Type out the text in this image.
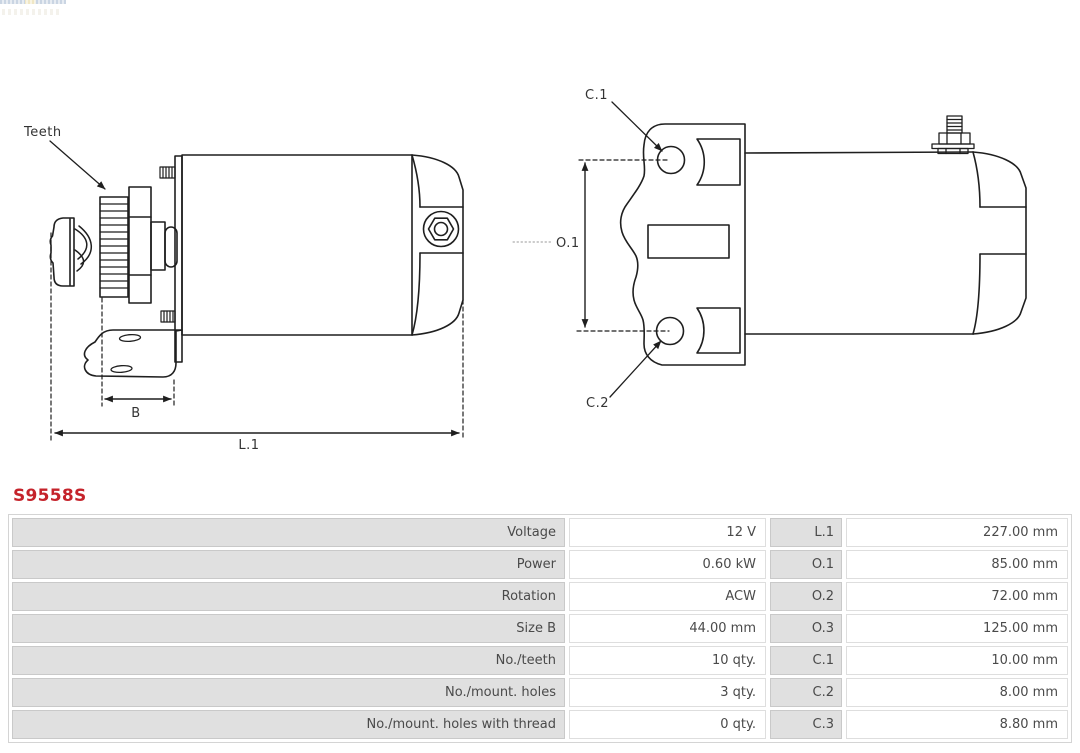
Teeth
B
L.1
C.1
O.1
C.2
S9558S
Voltage	12 V	L.1	227.00 mm
Power	0.60 kW	O.1	85.00 mm
Rotation	ACW	O.2	72.00 mm
Size B	44.00 mm	O.3	125.00 mm
No./teeth	10 qty.	C.1	10.00 mm
No./mount. holes	3 qty.	C.2	8.00 mm
No./mount. holes with thread	0 qty.	C.3	8.80 mm
